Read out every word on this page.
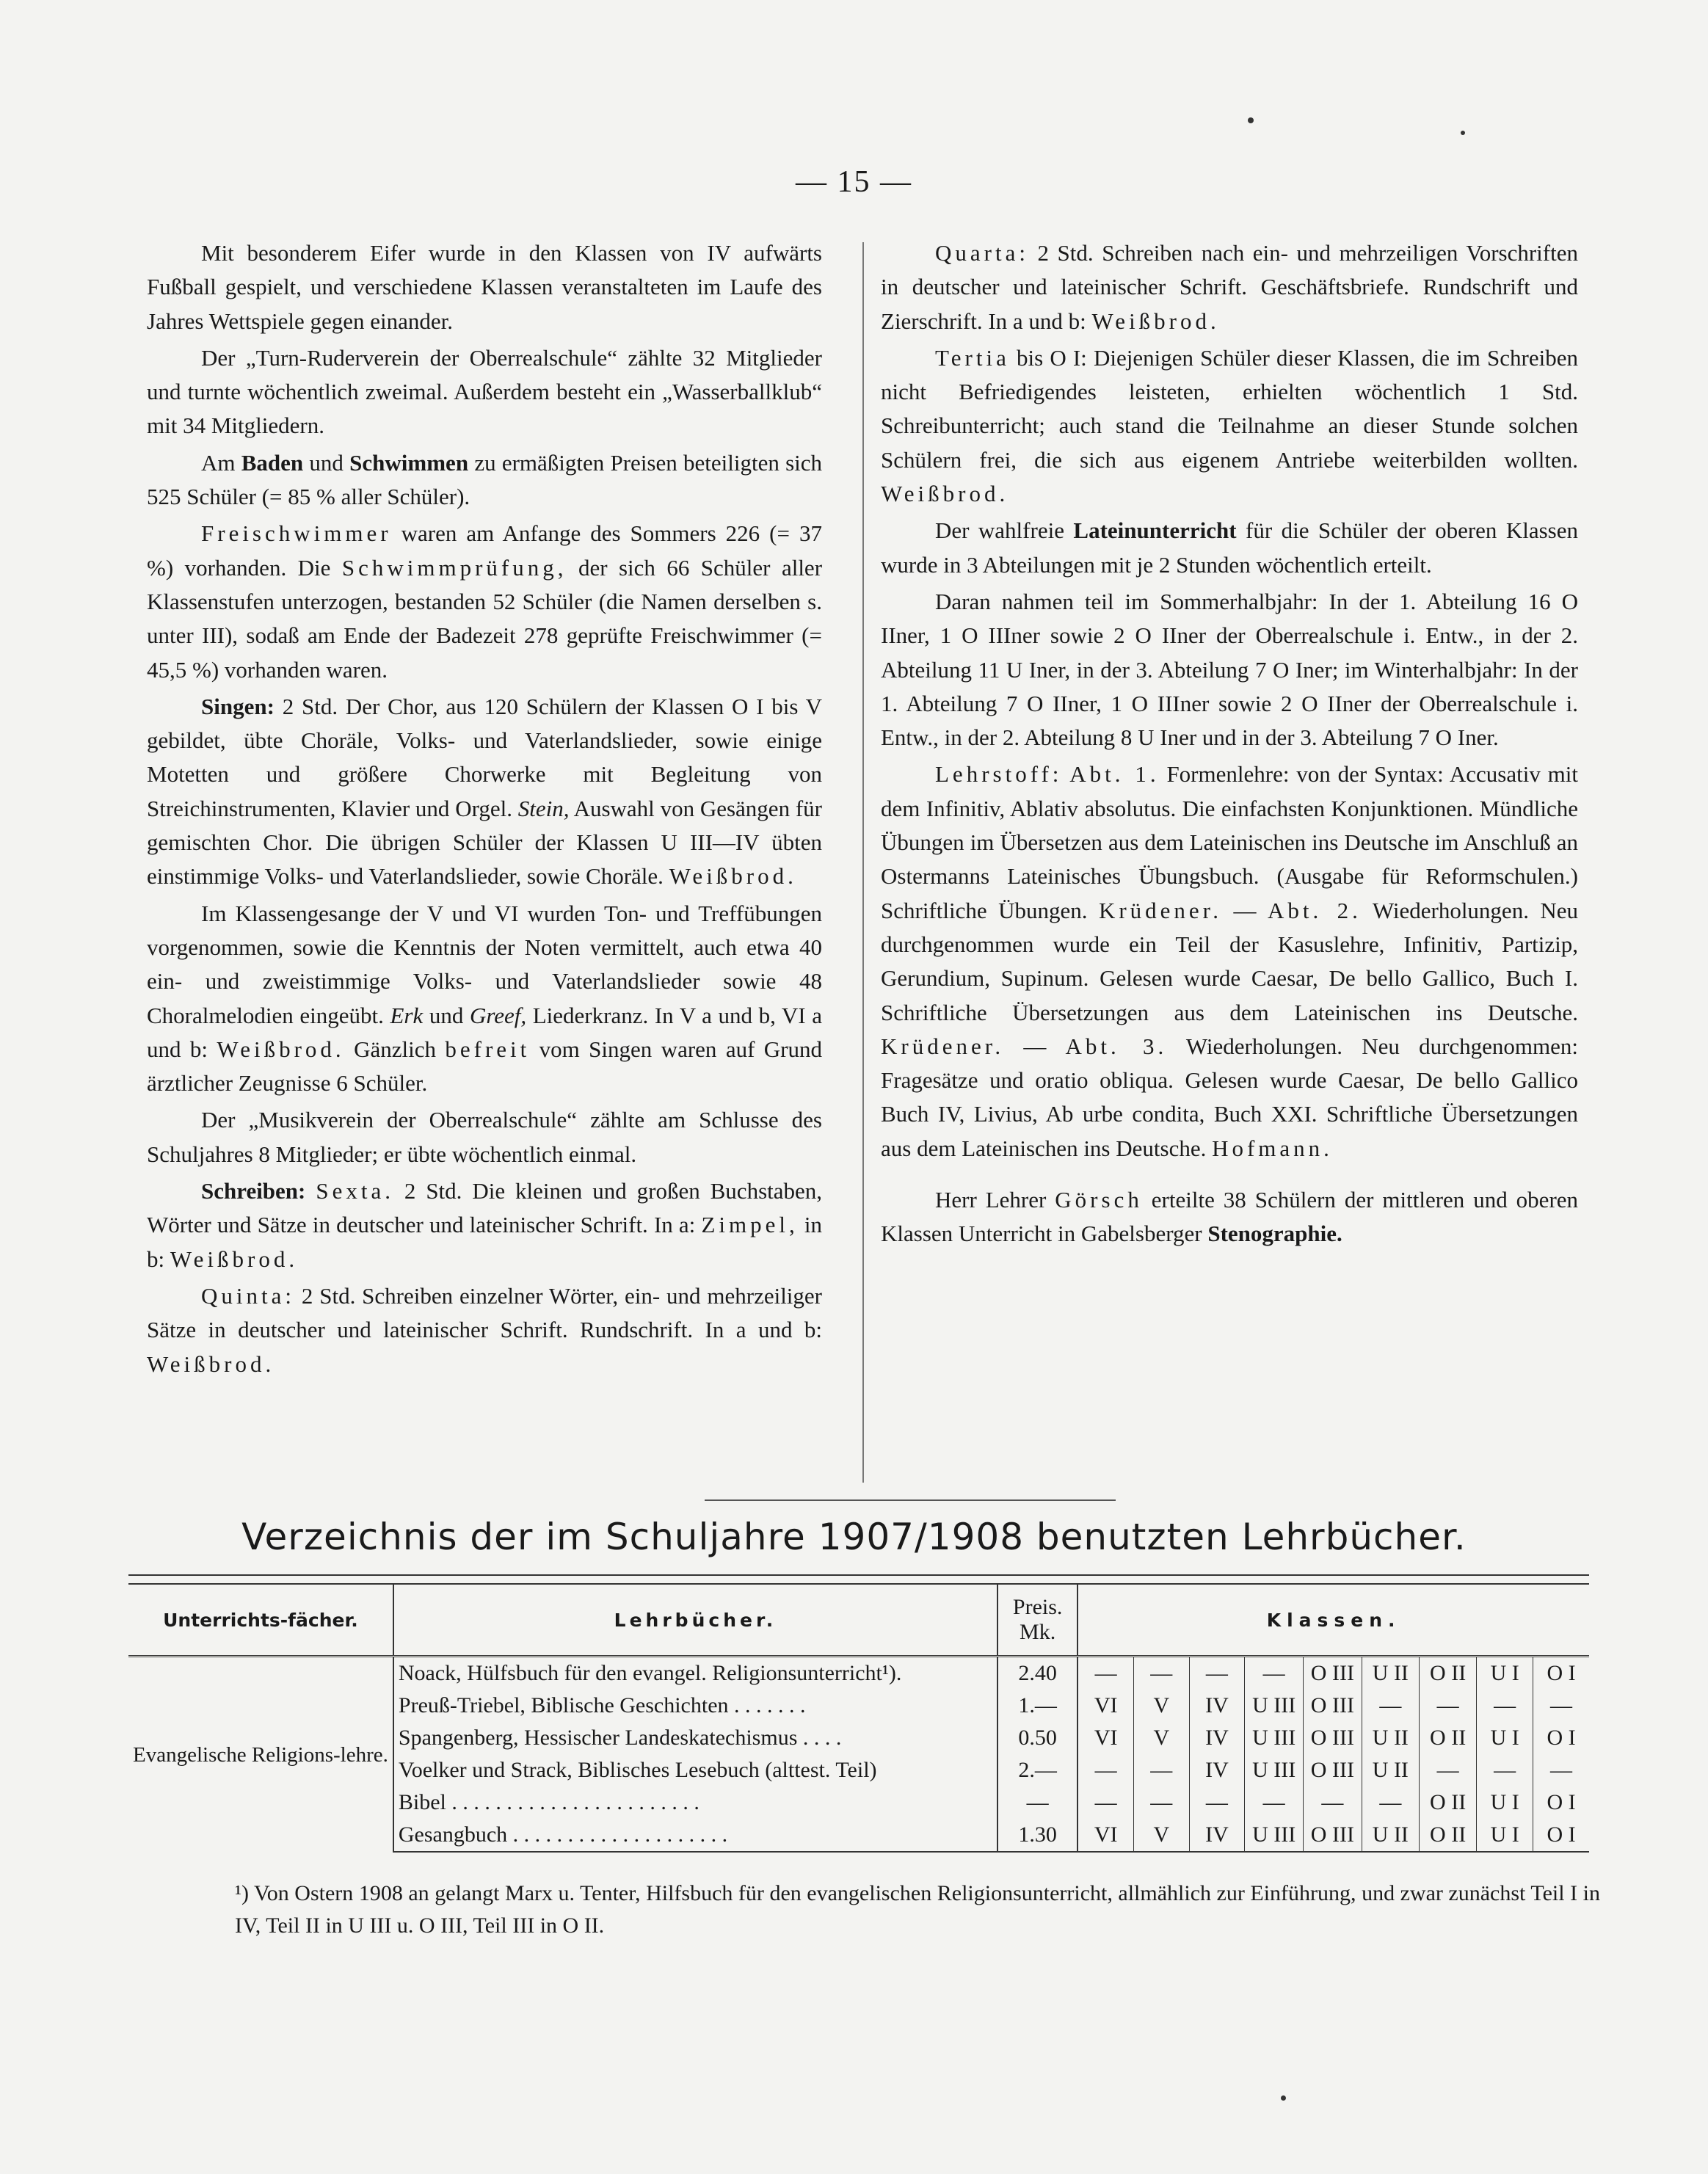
— 15 —

Mit besonderem Eifer wurde in den Klassen von IV aufwärts Fußball gespielt, und verschiedene Klassen veranstalteten im Laufe des Jahres Wettspiele gegen einander.

Der „Turn-Ruderverein der Oberrealschule“ zählte 32 Mitglieder und turnte wöchentlich zweimal. Außerdem besteht ein „Wasserballklub“ mit 34 Mitgliedern.

Am Baden und Schwimmen zu ermäßigten Preisen beteiligten sich 525 Schüler (= 85 % aller Schüler).

Freischwimmer waren am Anfange des Sommers 226 (= 37 %) vorhanden. Die Schwimmprüfung, der sich 66 Schüler aller Klassenstufen unterzogen, bestanden 52 Schüler (die Namen derselben s. unter III), sodaß am Ende der Badezeit 278 geprüfte Freischwimmer (= 45,5 %) vorhanden waren.

Singen: 2 Std. Der Chor, aus 120 Schülern der Klassen O I bis V gebildet, übte Choräle, Volks- und Vaterlandslieder, sowie einige Motetten und größere Chorwerke mit Begleitung von Streichinstrumenten, Klavier und Orgel. Stein, Auswahl von Gesängen für gemischten Chor. Die übrigen Schüler der Klassen U III—IV übten einstimmige Volks- und Vaterlandslieder, sowie Choräle. Weißbrod.

Im Klassengesange der V und VI wurden Ton- und Treffübungen vorgenommen, sowie die Kenntnis der Noten vermittelt, auch etwa 40 ein- und zweistimmige Volks- und Vaterlandslieder sowie 48 Choralmelodien eingeübt. Erk und Greef, Liederkranz. In V a und b, VI a und b: Weißbrod. Gänzlich befreit vom Singen waren auf Grund ärztlicher Zeugnisse 6 Schüler.

Der „Musikverein der Oberrealschule“ zählte am Schlusse des Schuljahres 8 Mitglieder; er übte wöchentlich einmal.

Schreiben: Sexta. 2 Std. Die kleinen und großen Buchstaben, Wörter und Sätze in deutscher und lateinischer Schrift. In a: Zimpel, in b: Weißbrod.

Quinta: 2 Std. Schreiben einzelner Wörter, ein- und mehrzeiliger Sätze in deutscher und lateinischer Schrift. Rundschrift. In a und b: Weißbrod.

Quarta: 2 Std. Schreiben nach ein- und mehrzeiligen Vorschriften in deutscher und lateinischer Schrift. Geschäftsbriefe. Rundschrift und Zierschrift. In a und b: Weißbrod.

Tertia bis O I: Diejenigen Schüler dieser Klassen, die im Schreiben nicht Befriedigendes leisteten, erhielten wöchentlich 1 Std. Schreibunterricht; auch stand die Teilnahme an dieser Stunde solchen Schülern frei, die sich aus eigenem Antriebe weiterbilden wollten. Weißbrod.

Der wahlfreie Lateinunterricht für die Schüler der oberen Klassen wurde in 3 Abteilungen mit je 2 Stunden wöchentlich erteilt.

Daran nahmen teil im Sommerhalbjahr: In der 1. Abteilung 16 O IIner, 1 O IIIner sowie 2 O IIner der Oberrealschule i. Entw., in der 2. Abteilung 11 U Iner, in der 3. Abteilung 7 O Iner; im Winterhalbjahr: In der 1. Abteilung 7 O IIner, 1 O IIIner sowie 2 O IIner der Oberrealschule i. Entw., in der 2. Abteilung 8 U Iner und in der 3. Abteilung 7 O Iner.

Lehrstoff: Abt. 1. Formenlehre: von der Syntax: Accusativ mit dem Infinitiv, Ablativ absolutus. Die einfachsten Konjunktionen. Mündliche Übungen im Übersetzen aus dem Lateinischen ins Deutsche im Anschluß an Ostermanns Lateinisches Übungsbuch. (Ausgabe für Reformschulen.) Schriftliche Übungen. Krüdener. — Abt. 2. Wiederholungen. Neu durchgenommen wurde ein Teil der Kasuslehre, Infinitiv, Partizip, Gerundium, Supinum. Gelesen wurde Caesar, De bello Gallico, Buch I. Schriftliche Übersetzungen aus dem Lateinischen ins Deutsche. Krüdener. — Abt. 3. Wiederholungen. Neu durchgenommen: Fragesätze und oratio obliqua. Gelesen wurde Caesar, De bello Gallico Buch IV, Livius, Ab urbe condita, Buch XXI. Schriftliche Übersetzungen aus dem Lateinischen ins Deutsche. Hofmann.

Herr Lehrer Görsch erteilte 38 Schülern der mittleren und oberen Klassen Unterricht in Gabelsberger Stenographie.

Verzeichnis der im Schuljahre 1907/1908 benutzten Lehrbücher.
Unterrichts-fächer.	Lehrbücher.	Preis. Mk.	Klassen.								
Evangelische Religions-lehre.	Noack, Hülfsbuch für den evangel. Religionsunterricht¹).	2.40	—	—	—	—	O III	U II	O II	U I	O I
	Preuß-Triebel, Biblische Geschichten . . . . . . .	1.—	VI	V	IV	U III	O III	—	—	—	—
	Spangenberg, Hessischer Landeskatechismus . . . .	0.50	VI	V	IV	U III	O III	U II	O II	U I	O I
	Voelker und Strack, Biblisches Lesebuch (alttest. Teil)	2.—	—	—	IV	U III	O III	U II	—	—	—
	Bibel . . . . . . . . . . . . . . . . . . . . . . .	—	—	—	—	—	—	—	O II	U I	O I
	Gesangbuch . . . . . . . . . . . . . . . . . . . .	1.30	VI	V	IV	U III	O III	U II	O II	U I	O I
¹) Von Ostern 1908 an gelangt Marx u. Tenter, Hilfsbuch für den evangelischen Religionsunterricht, allmählich zur Einführung, und zwar zunächst Teil I in IV, Teil II in U III u. O III, Teil III in O II.
